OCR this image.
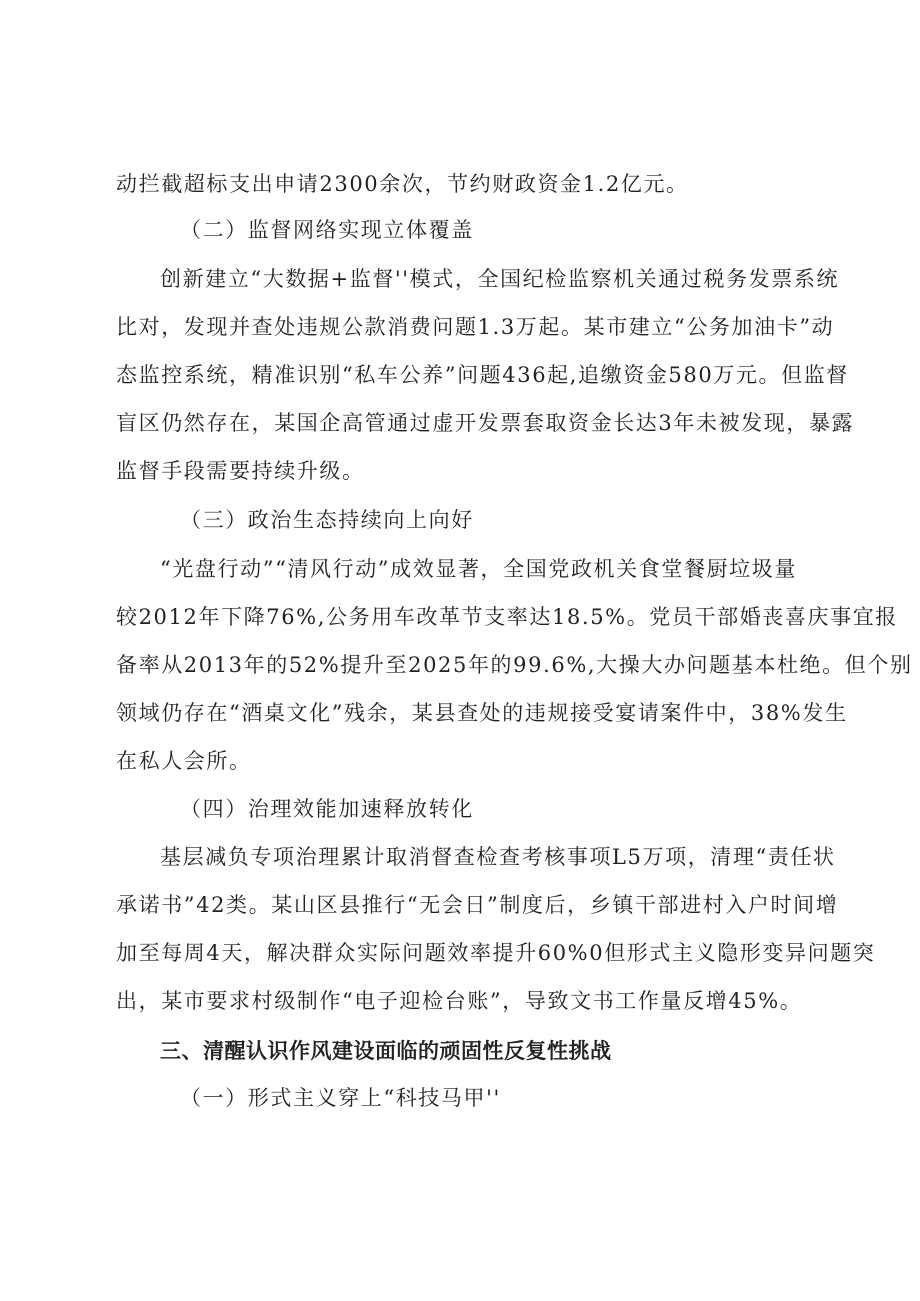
动拦截超标支出申请2300余次，节约财政资金1.2亿元。
（二）监督网络实现立体覆盖
创新建立“大数据+监督''模式，全国纪检监察机关通过税务发票系统
比对，发现并查处违规公款消费问题1.3万起。某市建立“公务加油卡”动
态监控系统，精准识别“私车公养”问题436起,追缴资金580万元。但监督
盲区仍然存在，某国企高管通过虚开发票套取资金长达3年未被发现，暴露
监督手段需要持续升级。
（三）政治生态持续向上向好
“光盘行动”“清风行动”成效显著，全国党政机关食堂餐厨垃圾量
较2012年下降76%,公务用车改革节支率达18.5%。党员干部婚丧喜庆事宜报
备率从2013年的52%提升至2025年的99.6%,大操大办问题基本杜绝。但个别
领域仍存在“酒桌文化”残余，某县查处的违规接受宴请案件中，38%发生
在私人会所。
（四）治理效能加速释放转化
基层减负专项治理累计取消督查检查考核事项L5万项，清理“责任状
承诺书”42类。某山区县推行“无会日”制度后，乡镇干部进村入户时间增
加至每周4天，解决群众实际问题效率提升60%0但形式主义隐形变异问题突
出，某市要求村级制作“电子迎检台账”，导致文书工作量反增45%。
三、清醒认识作风建设面临的顽固性反复性挑战
（一）形式主义穿上“科技马甲''
